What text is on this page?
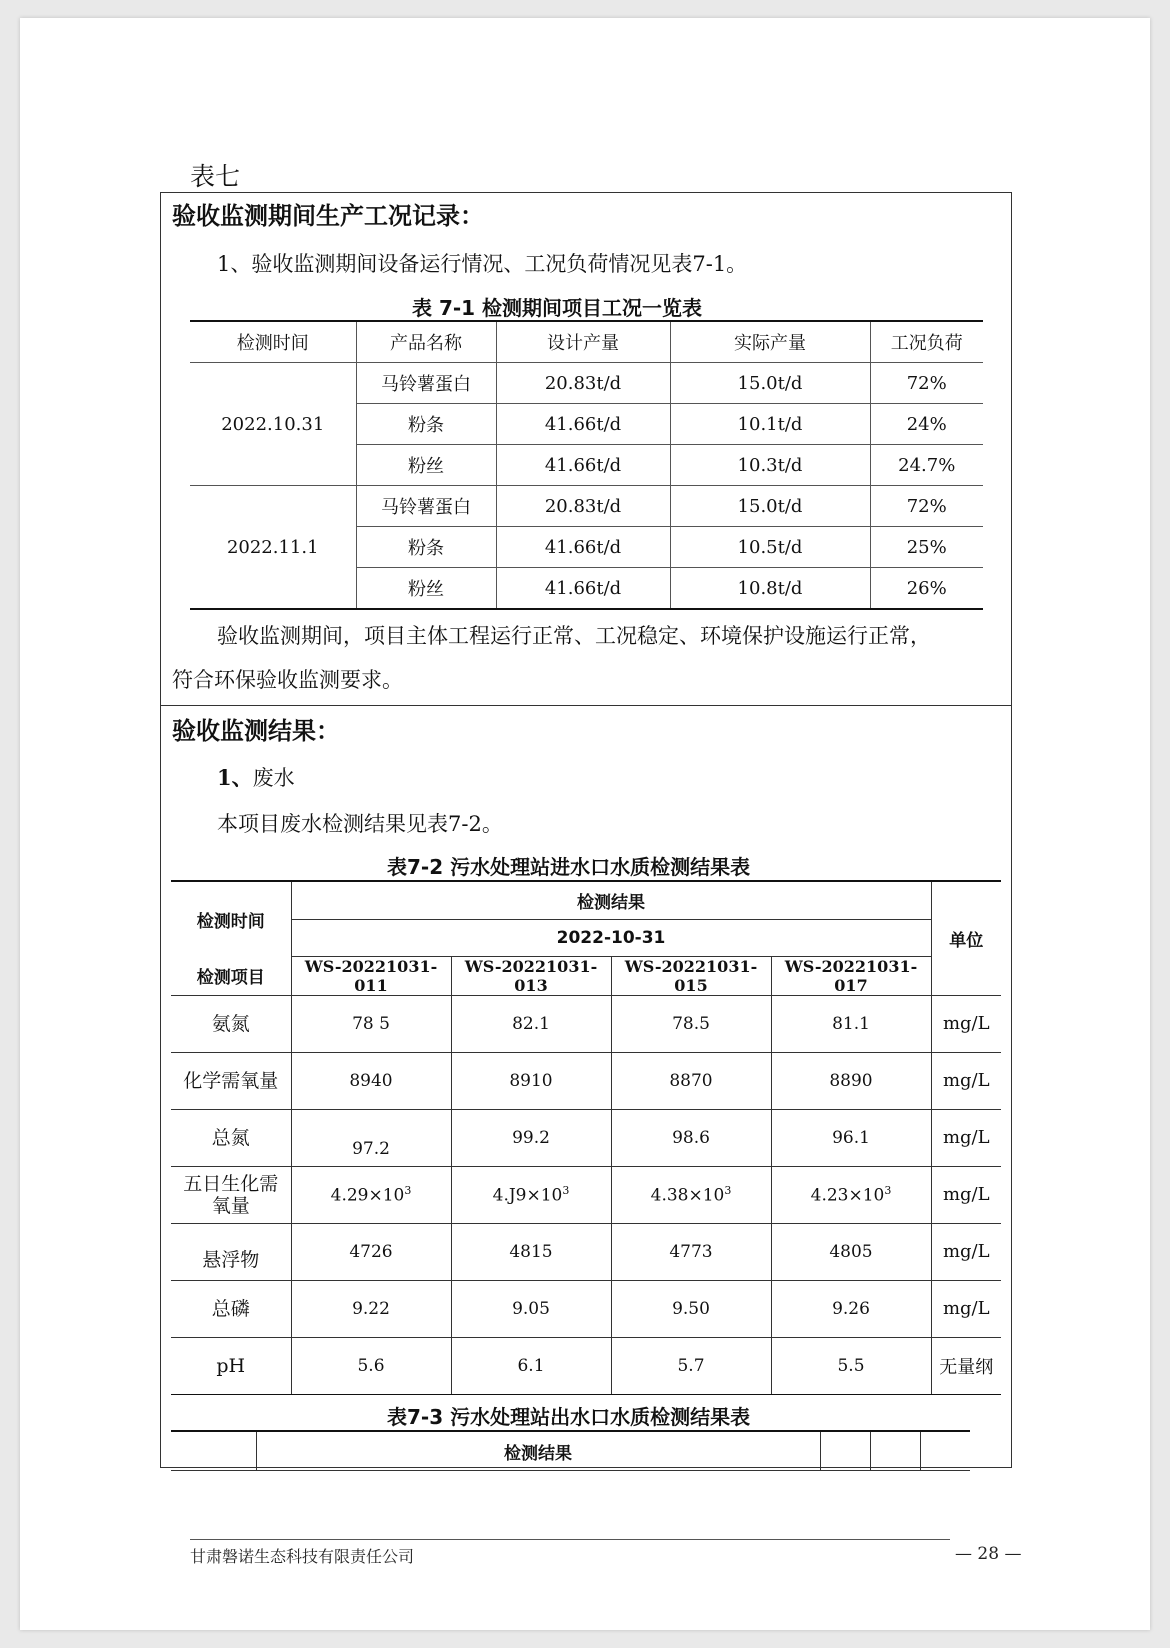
表七
验收监测期间生产工况记录：
1、验收监测期间设备运行情况、工况负荷情况见表7-1。
表 7-1 检测期间项目工况一览表
检测时间	产品名称	设计产量	实际产量	工况负荷
2022.10.31	马铃薯蛋白	20.83t/d	15.0t/d	72%
	粉条	41.66t/d	10.1t/d	24%
	粉丝	41.66t/d	10.3t/d	24.7%
2022.11.1	马铃薯蛋白	20.83t/d	15.0t/d	72%
	粉条	41.66t/d	10.5t/d	25%
	粉丝	41.66t/d	10.8t/d	26%
验收监测期间，项目主体工程运行正常、工况稳定、环境保护设施运行正常，
符合环保验收监测要求。
验收监测结果：
1、废水
本项目废水检测结果见表7-2。
表7-2 污水处理站进水口水质检测结果表
检测时间	检测结果				单位
	2022-10-31				
检测项目	WS-20221031-011	WS-20221031-013	WS-20221031-015	WS-20221031-017	
氨氮	78 5	82.1	78.5	81.1	mg/L
化学需氧量	8940	8910	8870	8890	mg/L
总氮	97.2	99.2	98.6	96.1	mg/L
五日生化需氧量	$4.29\times 10^3$	$4.J9\times 10^3$	$4.38\times 10^3$	$4.23\times 10^3$	mg/L
悬浮物	4726	4815	4773	4805	mg/L
总磷	9.22	9.05	9.50	9.26	mg/L
pH	5.6	6.1	5.7	5.5	无量纲
表7-3 污水处理站出水口水质检测结果表
	检测结果			
甘肃磐诺生态科技有限责任公司	— 28 —
